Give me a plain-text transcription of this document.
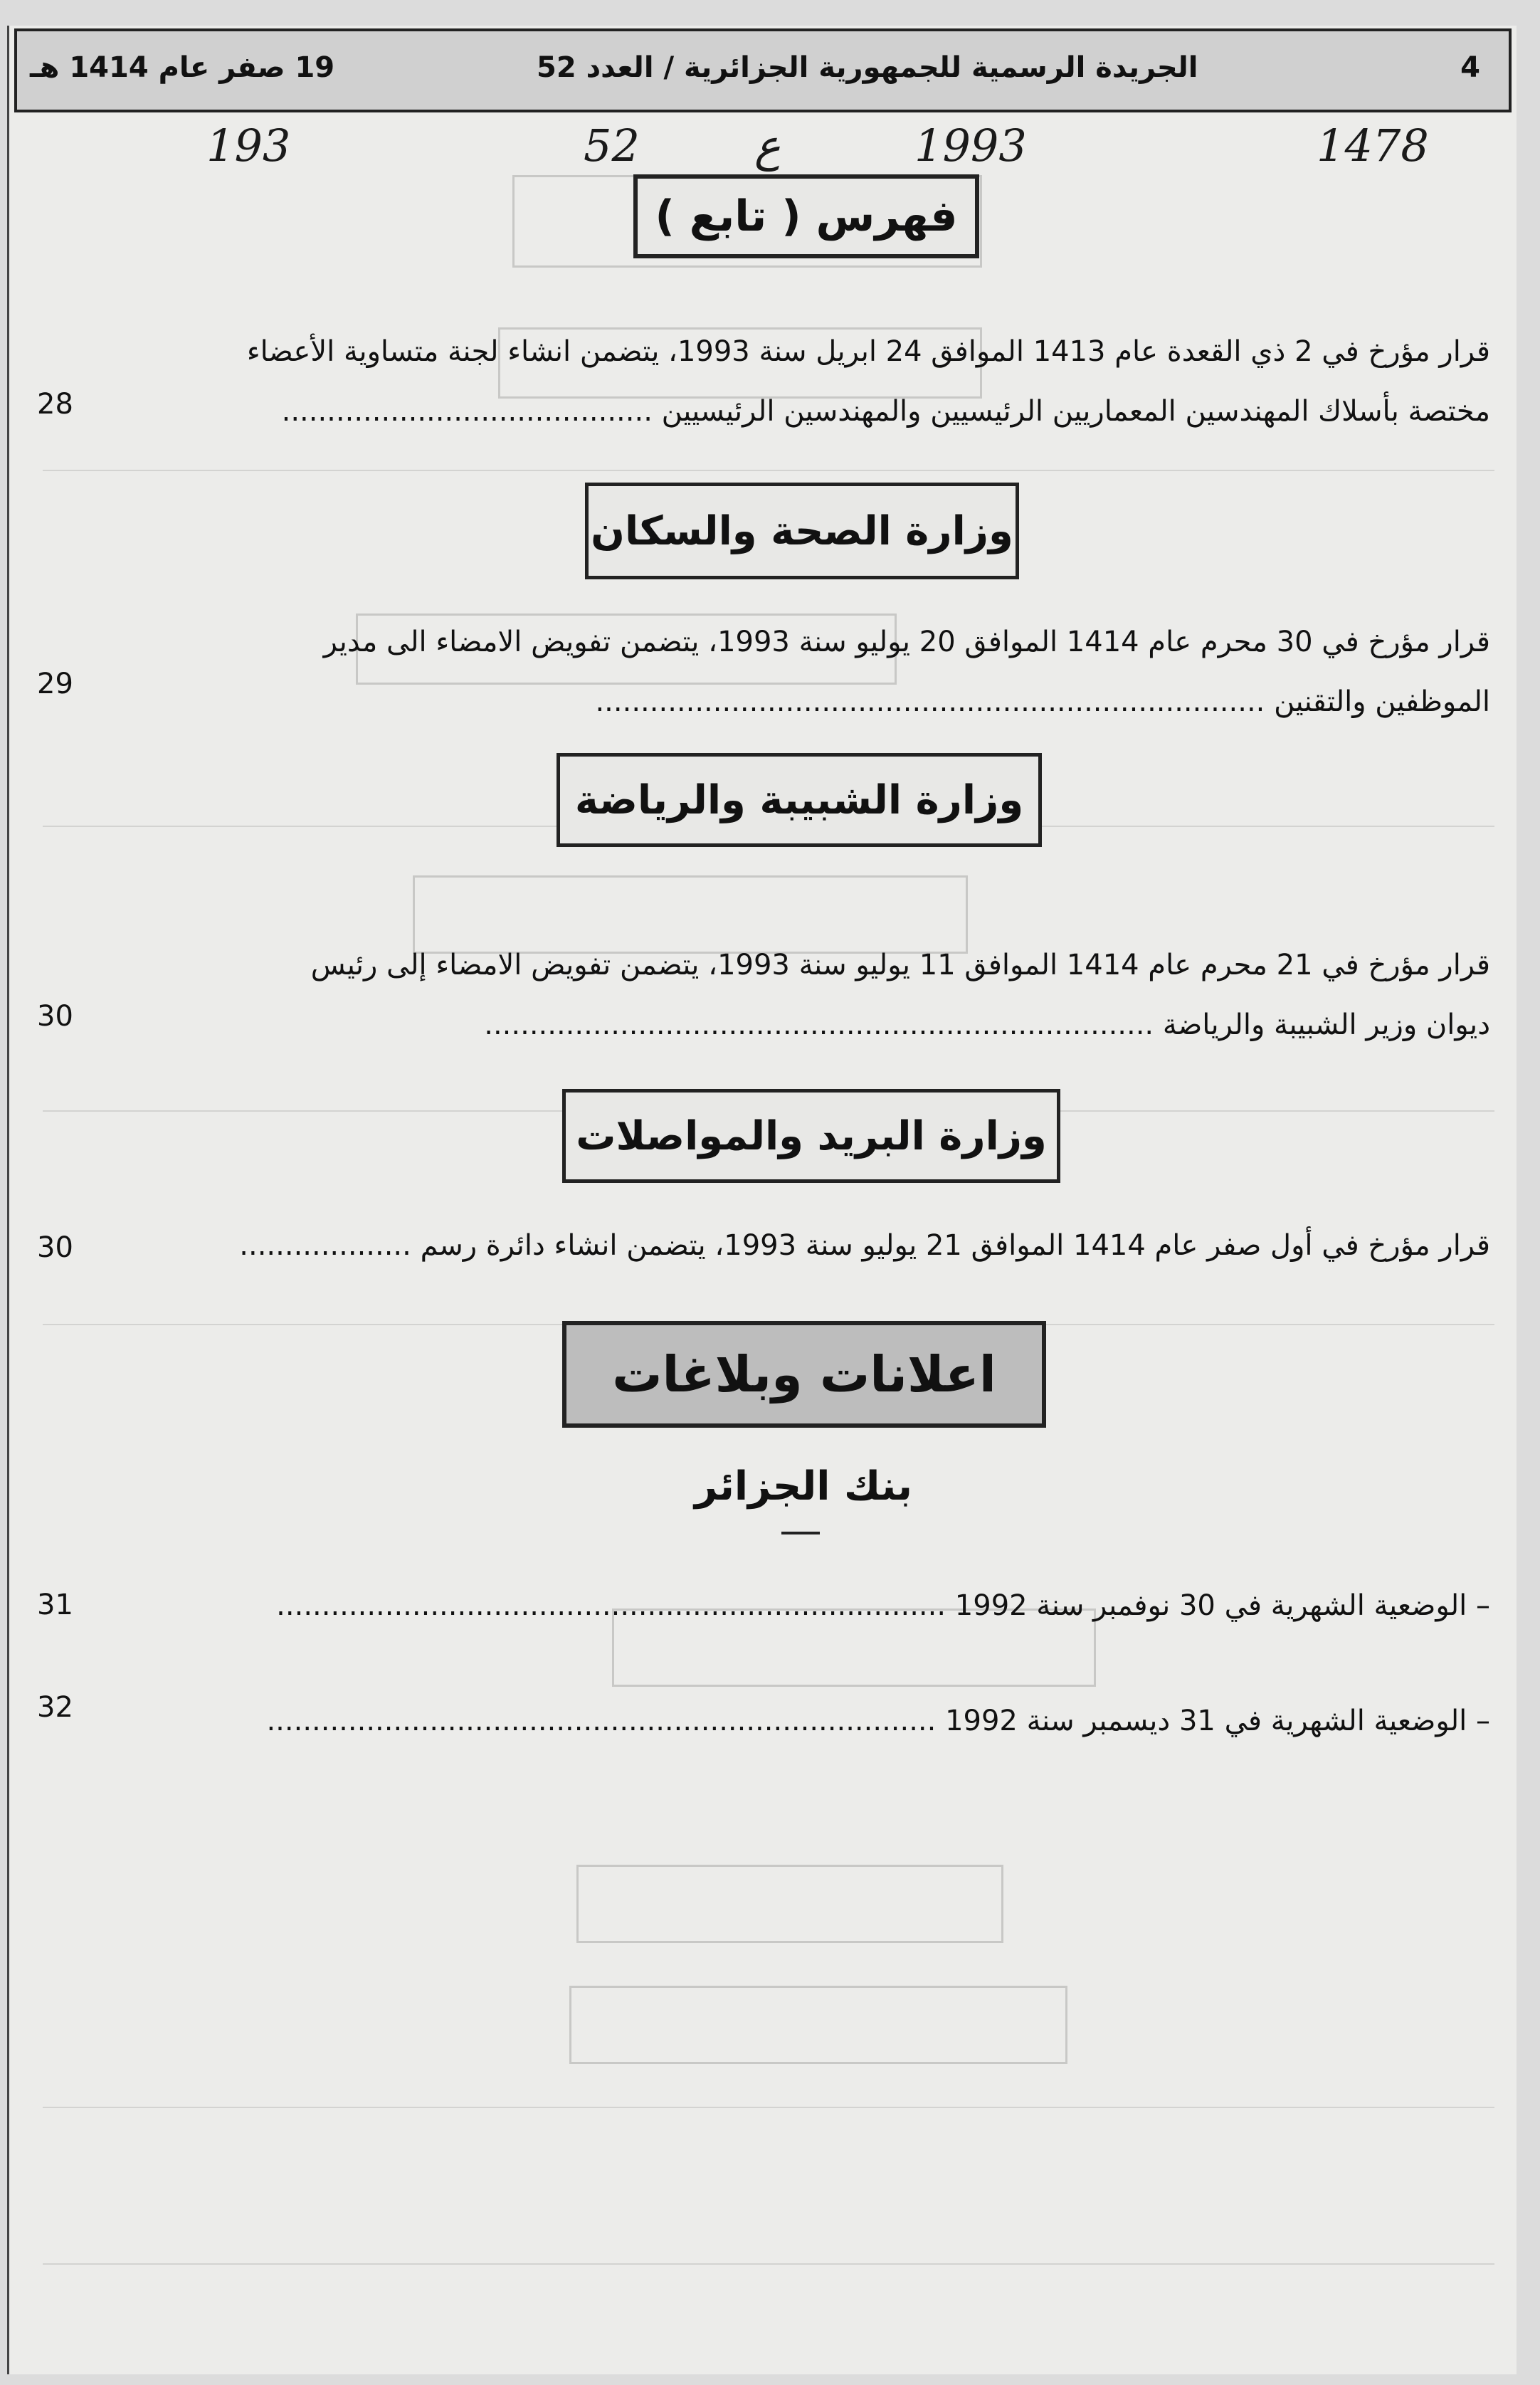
4
الجريدة الرسمية للجمهورية الجزائرية / العدد 52
19 صفر عام 1414 هـ
193	52	ع	1993	1478
فهرس ( تابع )
قرار مؤرخ في 2 ذي القعدة عام 1413 الموافق 24 ابريل سنة 1993، يتضمن انشاء لجنة متساوية الأعضاء
مختصة بأسلاك المهندسين المعماريين الرئيسيين والمهندسين الرئيسيين .........................................
28
وزارة الصحة والسكان
قرار مؤرخ في 30 محرم عام 1414 الموافق 20 يوليو سنة 1993، يتضمن تفويض الامضاء الى مدير
الموظفين والتقنين ..........................................................................
29
وزارة الشبيبة والرياضة
قرار مؤرخ في 21 محرم عام 1414 الموافق 11 يوليو سنة 1993، يتضمن تفويض الامضاء إلى رئيس
ديوان وزير الشبيبة والرياضة ..........................................................................
30
وزارة البريد والمواصلات
قرار مؤرخ في أول صفر عام 1414 الموافق 21 يوليو سنة 1993، يتضمن انشاء دائرة رسم ...................
30
اعلانات وبلاغات
بنك الجزائر
– الوضعية الشهرية في 30 نوفمبر سنة 1992 ..........................................................................
31
– الوضعية الشهرية في 31 ديسمبر سنة 1992 ..........................................................................
32
